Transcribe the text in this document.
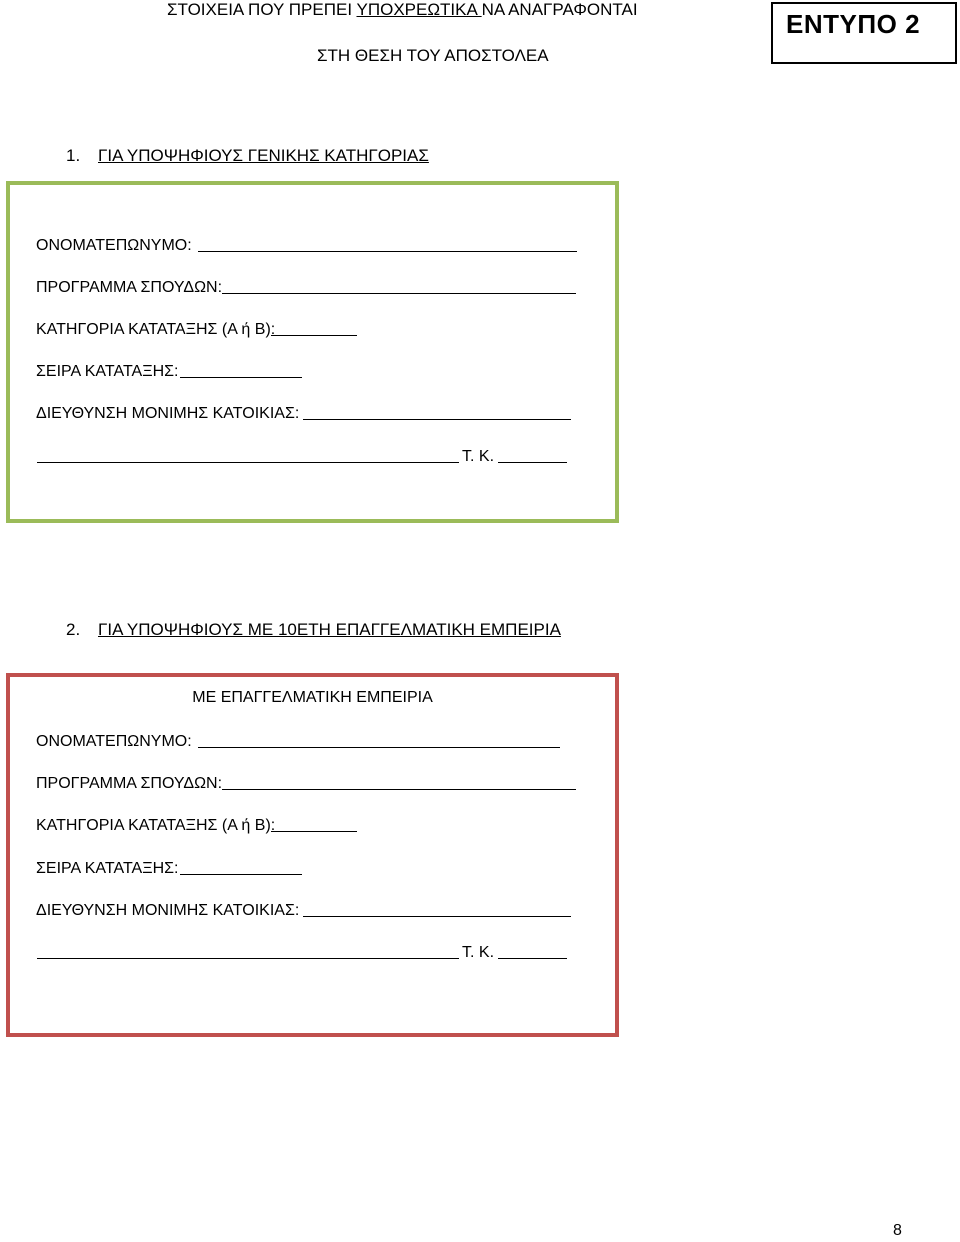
ΣΤΟΙΧΕΙΑ ΠΟΥ ΠΡΕΠΕΙ ΥΠΟΧΡΕΩΤΙΚΑ ΝΑ ΑΝΑΓΡΑΦΟΝΤΑΙ
ΣΤΗ ΘΕΣΗ ΤΟΥ ΑΠΟΣΤΟΛΕΑ
ΕΝΤΥΠΟ 2
1. ΓΙΑ ΥΠΟΨΗΦΙΟΥΣ ΓΕΝΙΚΗΣ ΚΑΤΗΓΟΡΙΑΣ
ΟΝΟΜΑΤΕΠΩΝΥΜΟ:
ΠΡΟΓΡΑΜΜΑ ΣΠΟΥΔΩΝ:
ΚΑΤΗΓΟΡΙΑ ΚΑΤΑΤΑΞΗΣ (Α ή Β):
ΣΕΙΡΑ ΚΑΤΑΤΑΞΗΣ:
ΔΙΕΥΘΥΝΣΗ ΜΟΝΙΜΗΣ ΚΑΤΟΙΚΙΑΣ:
Τ. Κ.
2. ΓΙΑ ΥΠΟΨΗΦΙΟΥΣ ΜΕ 10ΕΤΗ ΕΠΑΓΓΕΛΜΑΤΙΚΗ ΕΜΠΕΙΡΙΑ
ΜΕ ΕΠΑΓΓΕΛΜΑΤΙΚΗ ΕΜΠΕΙΡΙΑ
ΟΝΟΜΑΤΕΠΩΝΥΜΟ:
ΠΡΟΓΡΑΜΜΑ ΣΠΟΥΔΩΝ:
ΚΑΤΗΓΟΡΙΑ ΚΑΤΑΤΑΞΗΣ (Α ή Β):
ΣΕΙΡΑ ΚΑΤΑΤΑΞΗΣ:
ΔΙΕΥΘΥΝΣΗ ΜΟΝΙΜΗΣ ΚΑΤΟΙΚΙΑΣ:
Τ. Κ.
8
